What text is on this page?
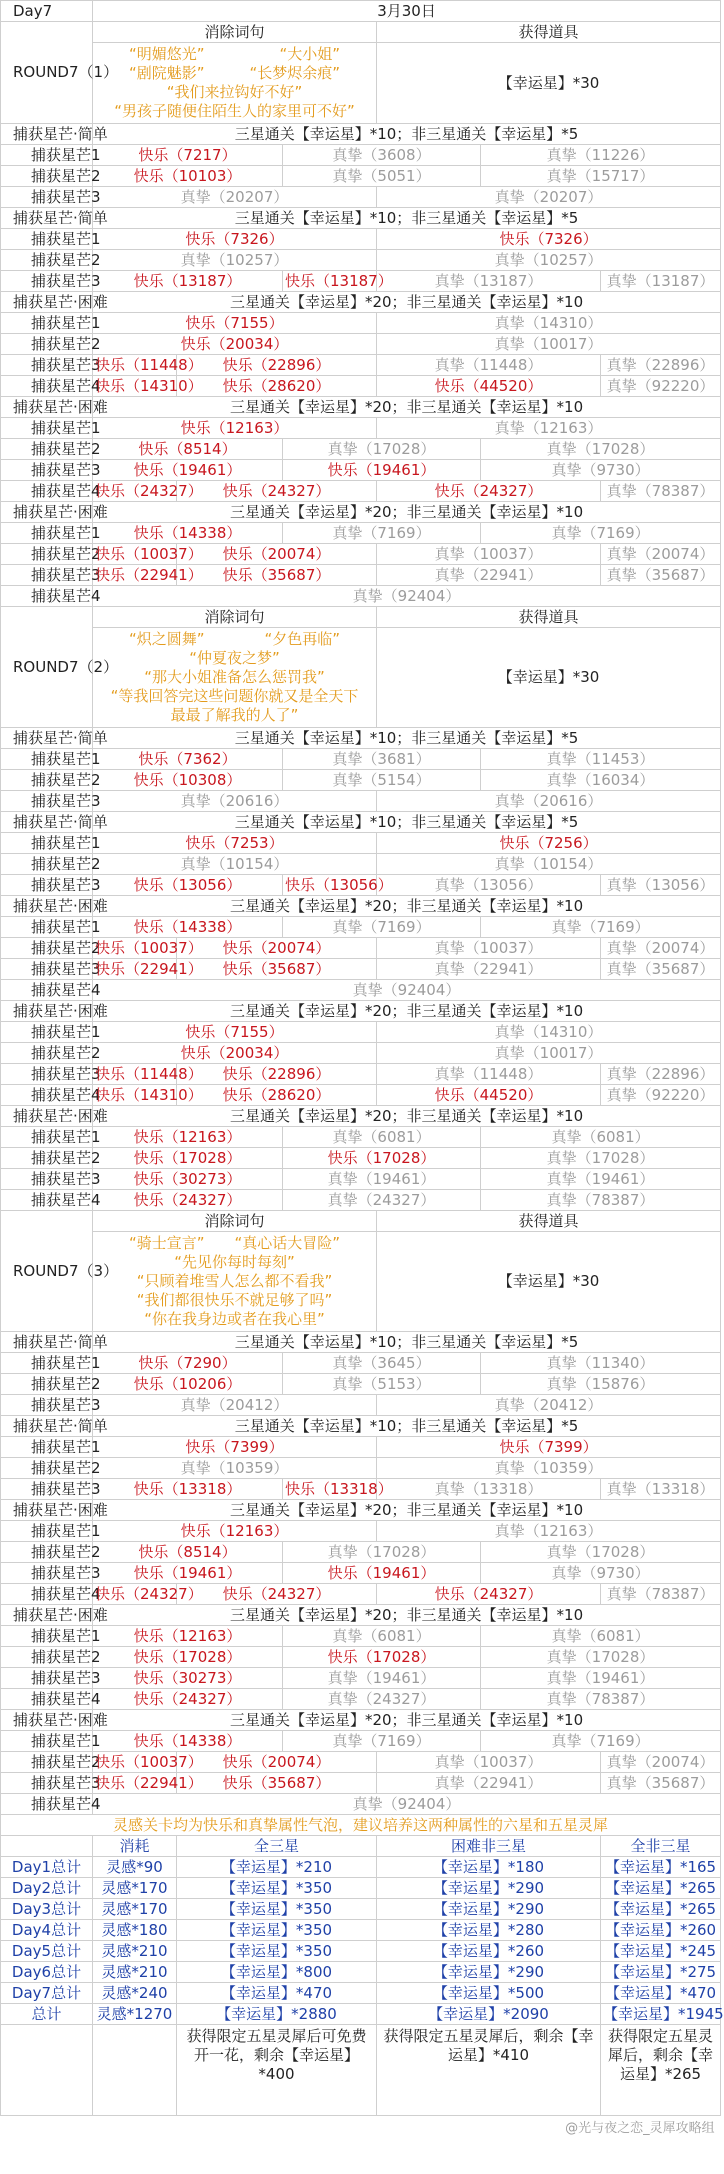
Day7	3月30日					
ROUND7（1）	消除词句			获得道具		

	“明媚悠光”　　　　　“大小姐”
“剧院魅影”　　　“长梦烬余痕”
“我们来拉钩好不好”
“男孩子随便住陌生人的家里可不好”			【幸运星】*30		
捕获星芒·简单	三星通关【幸运星】*10；非三星通关【幸运星】*5					
捕获星芒1	快乐（7217）		真挚（3608）		真挚（11226）	
捕获星芒2	快乐（10103）		真挚（5051）		真挚（15717）	
捕获星芒3	真挚（20207）			真挚（20207）		
捕获星芒·简单	三星通关【幸运星】*10；非三星通关【幸运星】*5					
捕获星芒1	快乐（7326）			快乐（7326）		
捕获星芒2	真挚（10257）			真挚（10257）		
捕获星芒3	快乐（13187）		快乐（13187）	真挚（13187）		真挚（13187）
捕获星芒·困难	三星通关【幸运星】*20；非三星通关【幸运星】*10					
捕获星芒1	快乐（7155）			真挚（14310）		
捕获星芒2	快乐（20034）			真挚（10017）		
捕获星芒3	快乐（11448）	快乐（22896）		真挚（11448）		真挚（22896）
捕获星芒4	快乐（14310）	快乐（28620）		快乐（44520）		真挚（92220）
捕获星芒·困难	三星通关【幸运星】*20；非三星通关【幸运星】*10					
捕获星芒1	快乐（12163）			真挚（12163）		
捕获星芒2	快乐（8514）		真挚（17028）		真挚（17028）	
捕获星芒3	快乐（19461）		快乐（19461）		真挚（9730）	
捕获星芒4	快乐（24327）	快乐（24327）		快乐（24327）		真挚（78387）
捕获星芒·困难	三星通关【幸运星】*20；非三星通关【幸运星】*10					
捕获星芒1	快乐（14338）		真挚（7169）		真挚（7169）	
捕获星芒2	快乐（10037）	快乐（20074）		真挚（10037）		真挚（20074）
捕获星芒3	快乐（22941）	快乐（35687）		真挚（22941）		真挚（35687）
捕获星芒4	真挚（92404）					
ROUND7（2）	消除词句			获得道具		

	“炽之圆舞”　　　　“夕色再临”
“仲夏夜之梦”
“那大小姐准备怎么惩罚我”
“等我回答完这些问题你就又是全天下
最最了解我的人了”			【幸运星】*30		
捕获星芒·简单	三星通关【幸运星】*10；非三星通关【幸运星】*5					
捕获星芒1	快乐（7362）		真挚（3681）		真挚（11453）	
捕获星芒2	快乐（10308）		真挚（5154）		真挚（16034）	
捕获星芒3	真挚（20616）			真挚（20616）		
捕获星芒·简单	三星通关【幸运星】*10；非三星通关【幸运星】*5					
捕获星芒1	快乐（7253）			快乐（7256）		
捕获星芒2	真挚（10154）			真挚（10154）		
捕获星芒3	快乐（13056）		快乐（13056）	真挚（13056）		真挚（13056）
捕获星芒·困难	三星通关【幸运星】*20；非三星通关【幸运星】*10					
捕获星芒1	快乐（14338）		真挚（7169）		真挚（7169）	
捕获星芒2	快乐（10037）	快乐（20074）		真挚（10037）		真挚（20074）
捕获星芒3	快乐（22941）	快乐（35687）		真挚（22941）		真挚（35687）
捕获星芒4	真挚（92404）					
捕获星芒·困难	三星通关【幸运星】*20；非三星通关【幸运星】*10					
捕获星芒1	快乐（7155）			真挚（14310）		
捕获星芒2	快乐（20034）			真挚（10017）		
捕获星芒3	快乐（11448）	快乐（22896）		真挚（11448）		真挚（22896）
捕获星芒4	快乐（14310）	快乐（28620）		快乐（44520）		真挚（92220）
捕获星芒·困难	三星通关【幸运星】*20；非三星通关【幸运星】*10					
捕获星芒1	快乐（12163）		真挚（6081）		真挚（6081）	
捕获星芒2	快乐（17028）		快乐（17028）		真挚（17028）	
捕获星芒3	快乐（30273）		真挚（19461）		真挚（19461）	
捕获星芒4	快乐（24327）		真挚（24327）		真挚（78387）	
ROUND7（3）	消除词句			获得道具		

	“骑士宣言”　　“真心话大冒险”
“先见你每时每刻”
“只顾着堆雪人怎么都不看我”
“我们都很快乐不就足够了吗”
“你在我身边或者在我心里”			【幸运星】*30		
捕获星芒·简单	三星通关【幸运星】*10；非三星通关【幸运星】*5					
捕获星芒1	快乐（7290）		真挚（3645）		真挚（11340）	
捕获星芒2	快乐（10206）		真挚（5153）		真挚（15876）	
捕获星芒3	真挚（20412）			真挚（20412）		
捕获星芒·简单	三星通关【幸运星】*10；非三星通关【幸运星】*5					
捕获星芒1	快乐（7399）			快乐（7399）		
捕获星芒2	真挚（10359）			真挚（10359）		
捕获星芒3	快乐（13318）		快乐（13318）	真挚（13318）		真挚（13318）
捕获星芒·困难	三星通关【幸运星】*20；非三星通关【幸运星】*10					
捕获星芒1	快乐（12163）			真挚（12163）		
捕获星芒2	快乐（8514）		真挚（17028）		真挚（17028）	
捕获星芒3	快乐（19461）		快乐（19461）		真挚（9730）	
捕获星芒4	快乐（24327）	快乐（24327）		快乐（24327）		真挚（78387）
捕获星芒·困难	三星通关【幸运星】*20；非三星通关【幸运星】*10					
捕获星芒1	快乐（12163）		真挚（6081）		真挚（6081）	
捕获星芒2	快乐（17028）		快乐（17028）		真挚（17028）	
捕获星芒3	快乐（30273）		真挚（19461）		真挚（19461）	
捕获星芒4	快乐（24327）		真挚（24327）		真挚（78387）	
捕获星芒·困难	三星通关【幸运星】*20；非三星通关【幸运星】*10					
捕获星芒1	快乐（14338）		真挚（7169）		真挚（7169）	
捕获星芒2	快乐（10037）	快乐（20074）		真挚（10037）		真挚（20074）
捕获星芒3	快乐（22941）	快乐（35687）		真挚（22941）		真挚（35687）
捕获星芒4	真挚（92404）					
灵感关卡均为快乐和真挚属性气泡，建议培养这两种属性的六星和五星灵犀						
	消耗	全三星		困难非三星		全非三星
Day1总计	灵感*90	【幸运星】*210		【幸运星】*180		【幸运星】*165
Day2总计	灵感*170	【幸运星】*350		【幸运星】*290		【幸运星】*265
Day3总计	灵感*170	【幸运星】*350		【幸运星】*290		【幸运星】*265
Day4总计	灵感*180	【幸运星】*350		【幸运星】*280		【幸运星】*260
Day5总计	灵感*210	【幸运星】*350		【幸运星】*260		【幸运星】*245
Day6总计	灵感*210	【幸运星】*800		【幸运星】*290		【幸运星】*275
Day7总计	灵感*240	【幸运星】*470		【幸运星】*500		【幸运星】*470
总计	灵感*1270	【幸运星】*2880		【幸运星】*2090		【幸运星】*1945
		获得限定五星灵犀后可免费开一花，剩余【幸运星】*400		获得限定五星灵犀后，剩余【幸运星】*410		获得限定五星灵犀后，剩余【幸运星】*265
@光与夜之恋_灵犀攻略组						
